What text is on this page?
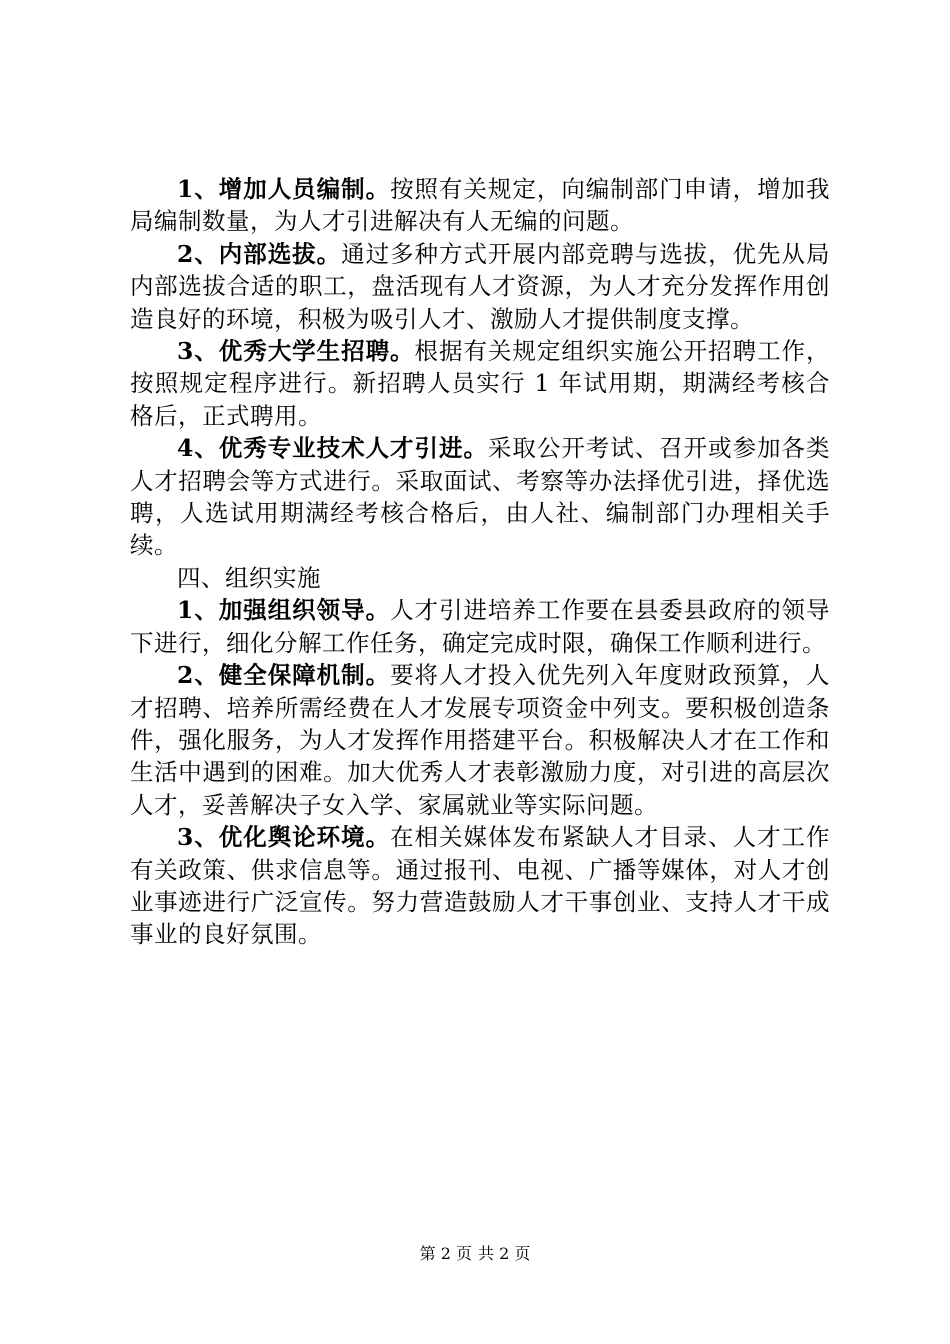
1、增加人员编制。按照有关规定，向编制部门申请，增加我局编制数量，为人才引进解决有人无编的问题。

2、内部选拔。通过多种方式开展内部竞聘与选拔，优先从局内部选拔合适的职工，盘活现有人才资源，为人才充分发挥作用创造良好的环境，积极为吸引人才、激励人才提供制度支撑。

3、优秀大学生招聘。根据有关规定组织实施公开招聘工作，按照规定程序进行。新招聘人员实行 1 年试用期，期满经考核合格后，正式聘用。

4、优秀专业技术人才引进。采取公开考试、召开或参加各类人才招聘会等方式进行。采取面试、考察等办法择优引进，择优选聘，人选试用期满经考核合格后，由人社、编制部门办理相关手续。

四、组织实施

1、加强组织领导。人才引进培养工作要在县委县政府的领导下进行，细化分解工作任务，确定完成时限，确保工作顺利进行。

2、健全保障机制。要将人才投入优先列入年度财政预算，人才招聘、培养所需经费在人才发展专项资金中列支。要积极创造条件，强化服务，为人才发挥作用搭建平台。积极解决人才在工作和生活中遇到的困难。加大优秀人才表彰激励力度，对引进的高层次人才，妥善解决子女入学、家属就业等实际问题。

3、优化舆论环境。在相关媒体发布紧缺人才目录、人才工作有关政策、供求信息等。通过报刊、电视、广播等媒体，对人才创业事迹进行广泛宣传。努力营造鼓励人才干事创业、支持人才干成事业的良好氛围。

第 2 页 共 2 页
